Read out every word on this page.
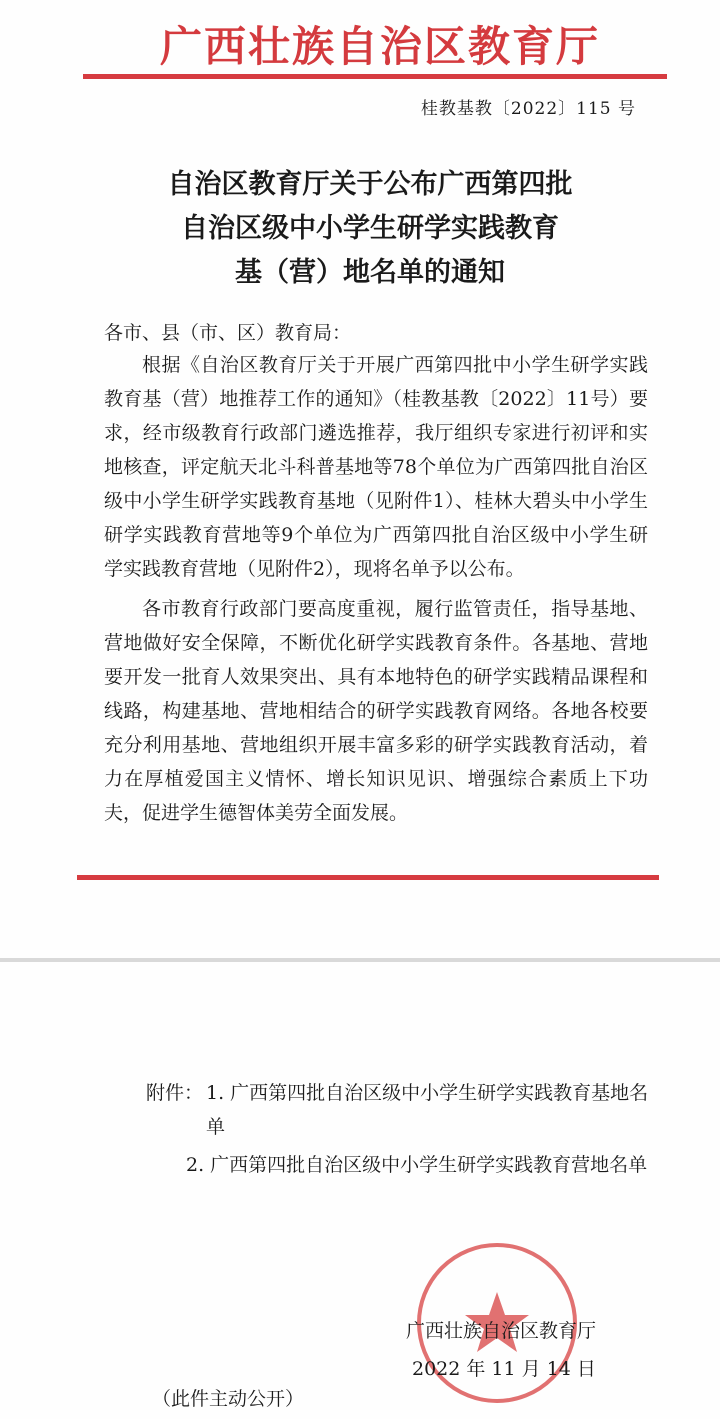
广西壮族自治区教育厅
桂教基教〔2022〕115 号
自治区教育厅关于公布广西第四批
自治区级中小学生研学实践教育
基（营）地名单的通知
各市、县（市、区）教育局：

根据《自治区教育厅关于开展广西第四批中小学生研学实践教育基（营）地推荐工作的通知》（桂教基教〔2022〕11号）要求，经市级教育行政部门遴选推荐，我厅组织专家进行初评和实地核查，评定航天北斗科普基地等78个单位为广西第四批自治区级中小学生研学实践教育基地（见附件1）、桂林大碧头中小学生研学实践教育营地等9个单位为广西第四批自治区级中小学生研学实践教育营地（见附件2），现将名单予以公布。

各市教育行政部门要高度重视，履行监管责任，指导基地、营地做好安全保障，不断优化研学实践教育条件。各基地、营地要开发一批育人效果突出、具有本地特色的研学实践精品课程和线路，构建基地、营地相结合的研学实践教育网络。各地各校要充分利用基地、营地组织开展丰富多彩的研学实践教育活动，着力在厚植爱国主义情怀、增长知识见识、增强综合素质上下功夫，促进学生德智体美劳全面发展。

附件： 1. 广西第四批自治区级中小学生研学实践教育基地名单
2. 广西第四批自治区级中小学生研学实践教育营地名单
广西壮族自治区教育厅
2022 年 11 月 14 日
（此件主动公开）
